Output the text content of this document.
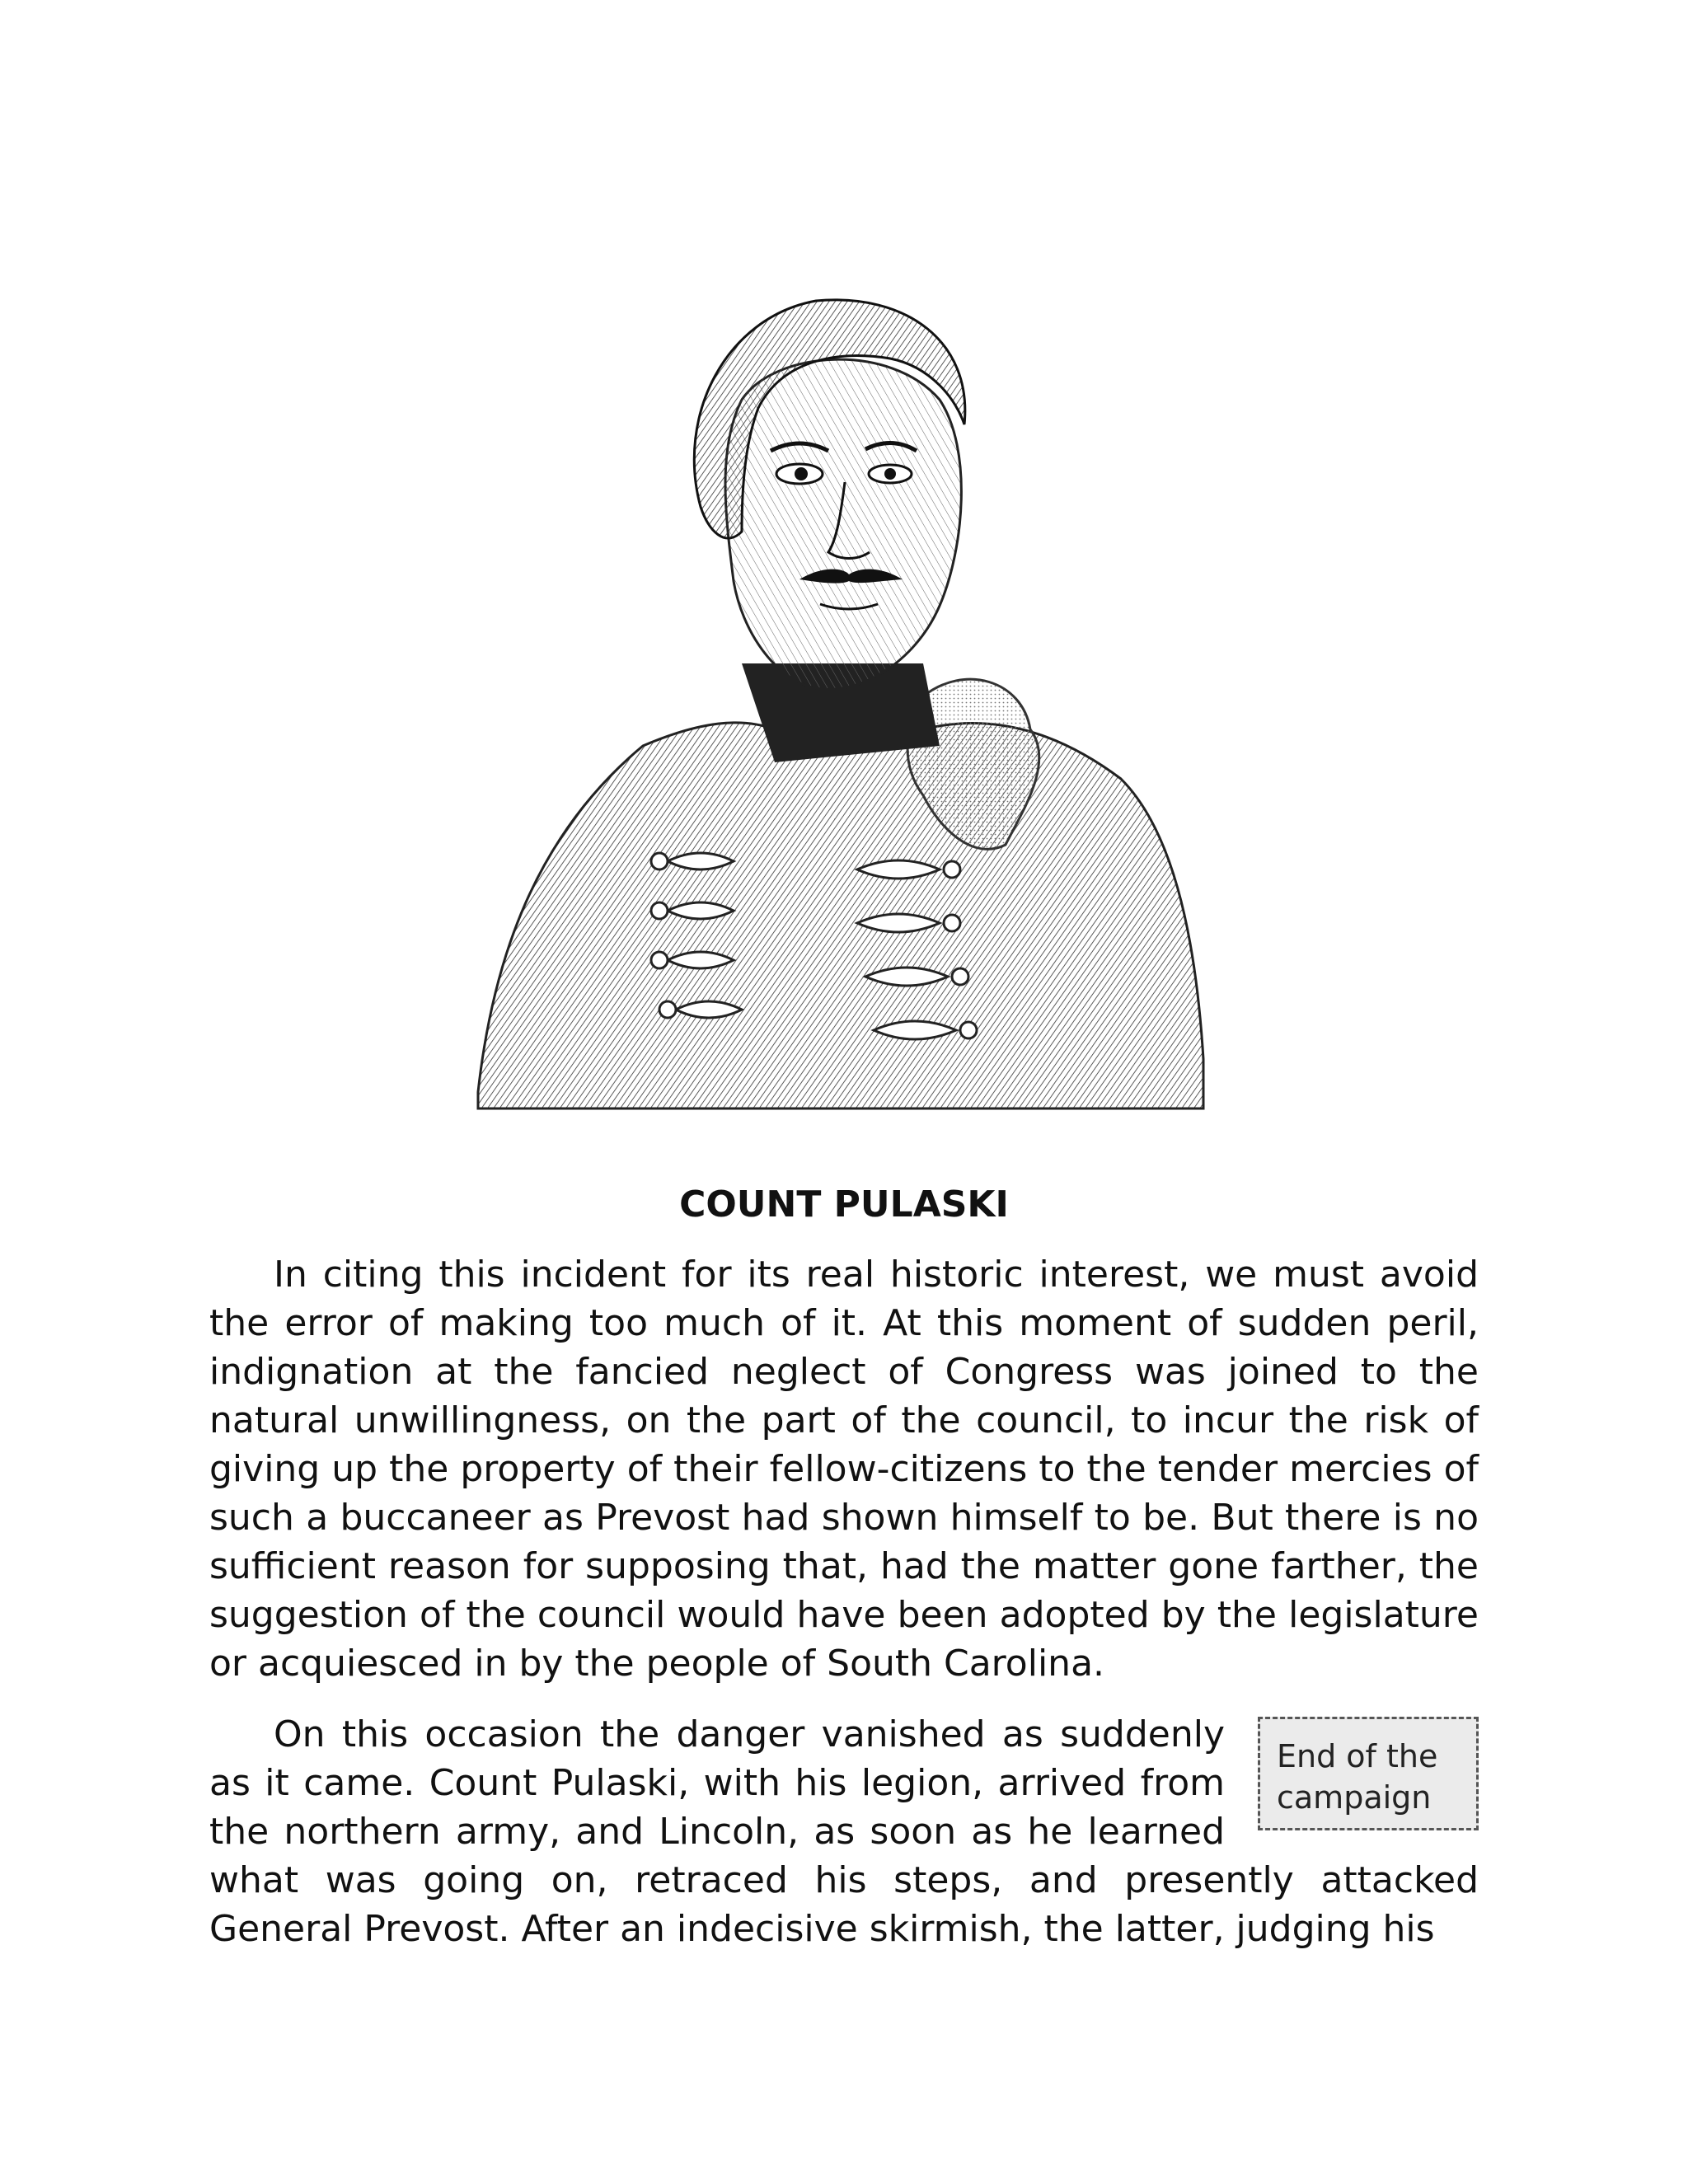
COUNT PULASKI

In citing this incident for its real historic interest, we must avoid the error of making too much of it. At this moment of sudden peril, indignation at the fancied neglect of Congress was joined to the natural unwillingness, on the part of the council, to incur the risk of giving up the property of their fellow-citizens to the tender mercies of such a buccaneer as Prevost had shown himself to be. But there is no sufficient reason for supposing that, had the matter gone farther, the suggestion of the council would have been adopted by the legislature or acquiesced in by the people of South Carolina.

End of the campaign

On this occasion the danger vanished as suddenly as it came. Count Pulaski, with his legion, arrived from the northern army, and Lincoln, as soon as he learned what was going on, retraced his steps, and presently attacked General Prevost. After an indecisive skirmish, the latter, judging his
